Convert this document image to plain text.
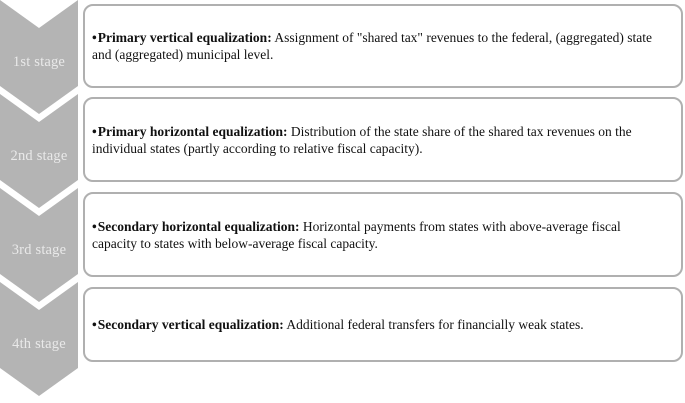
1st stage
2nd stage
3rd stage
4th stage

•Primary vertical equalization: Assignment of "shared tax" revenues to the federal, (aggregated) state and (aggregated) municipal level.

•Primary horizontal equalization: Distribution of the state share of the shared tax revenues on the individual states (partly according to relative fiscal capacity).

•Secondary horizontal equalization: Horizontal payments from states with above-average fiscal capacity to states with below-average fiscal capacity.

•Secondary vertical equalization: Additional federal transfers for financially weak states.
